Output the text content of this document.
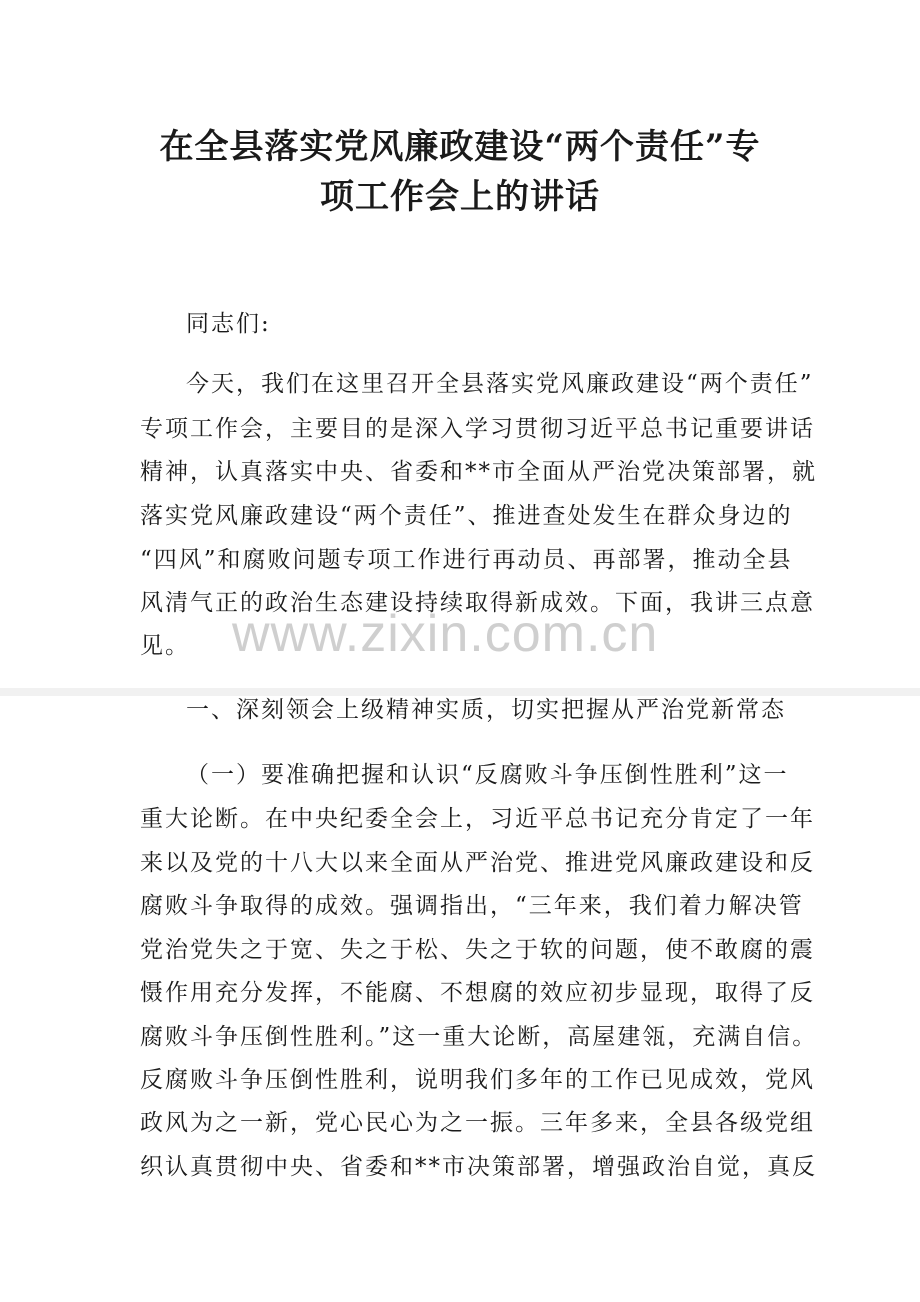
在全县落实党风廉政建设“两个责任”专
项工作会上的讲话
同志们:
今天，我们在这里召开全县落实党风廉政建设“两个责任”
专项工作会，主要目的是深入学习贯彻习近平总书记重要讲话
精神，认真落实中央、省委和**市全面从严治党决策部署，就
落实党风廉政建设“两个责任”、推进查处发生在群众身边的
“四风”和腐败问题专项工作进行再动员、再部署，推动全县
风清气正的政治生态建设持续取得新成效。下面，我讲三点意
见。 www.zixin.com.cn
一、深刻领会上级精神实质，切实把握从严治党新常态
（一）要准确把握和认识“反腐败斗争压倒性胜利”这一
重大论断。在中央纪委全会上，习近平总书记充分肯定了一年
来以及党的十八大以来全面从严治党、推进党风廉政建设和反
腐败斗争取得的成效。强调指出，“三年来，我们着力解决管
党治党失之于宽、失之于松、失之于软的问题，使不敢腐的震
慑作用充分发挥，不能腐、不想腐的效应初步显现，取得了反
腐败斗争压倒性胜利。”这一重大论断，高屋建瓴，充满自信。
反腐败斗争压倒性胜利，说明我们多年的工作已见成效，党风
政风为之一新，党心民心为之一振。三年多来，全县各级党组
织认真贯彻中央、省委和**市决策部署，增强政治自觉，真反
